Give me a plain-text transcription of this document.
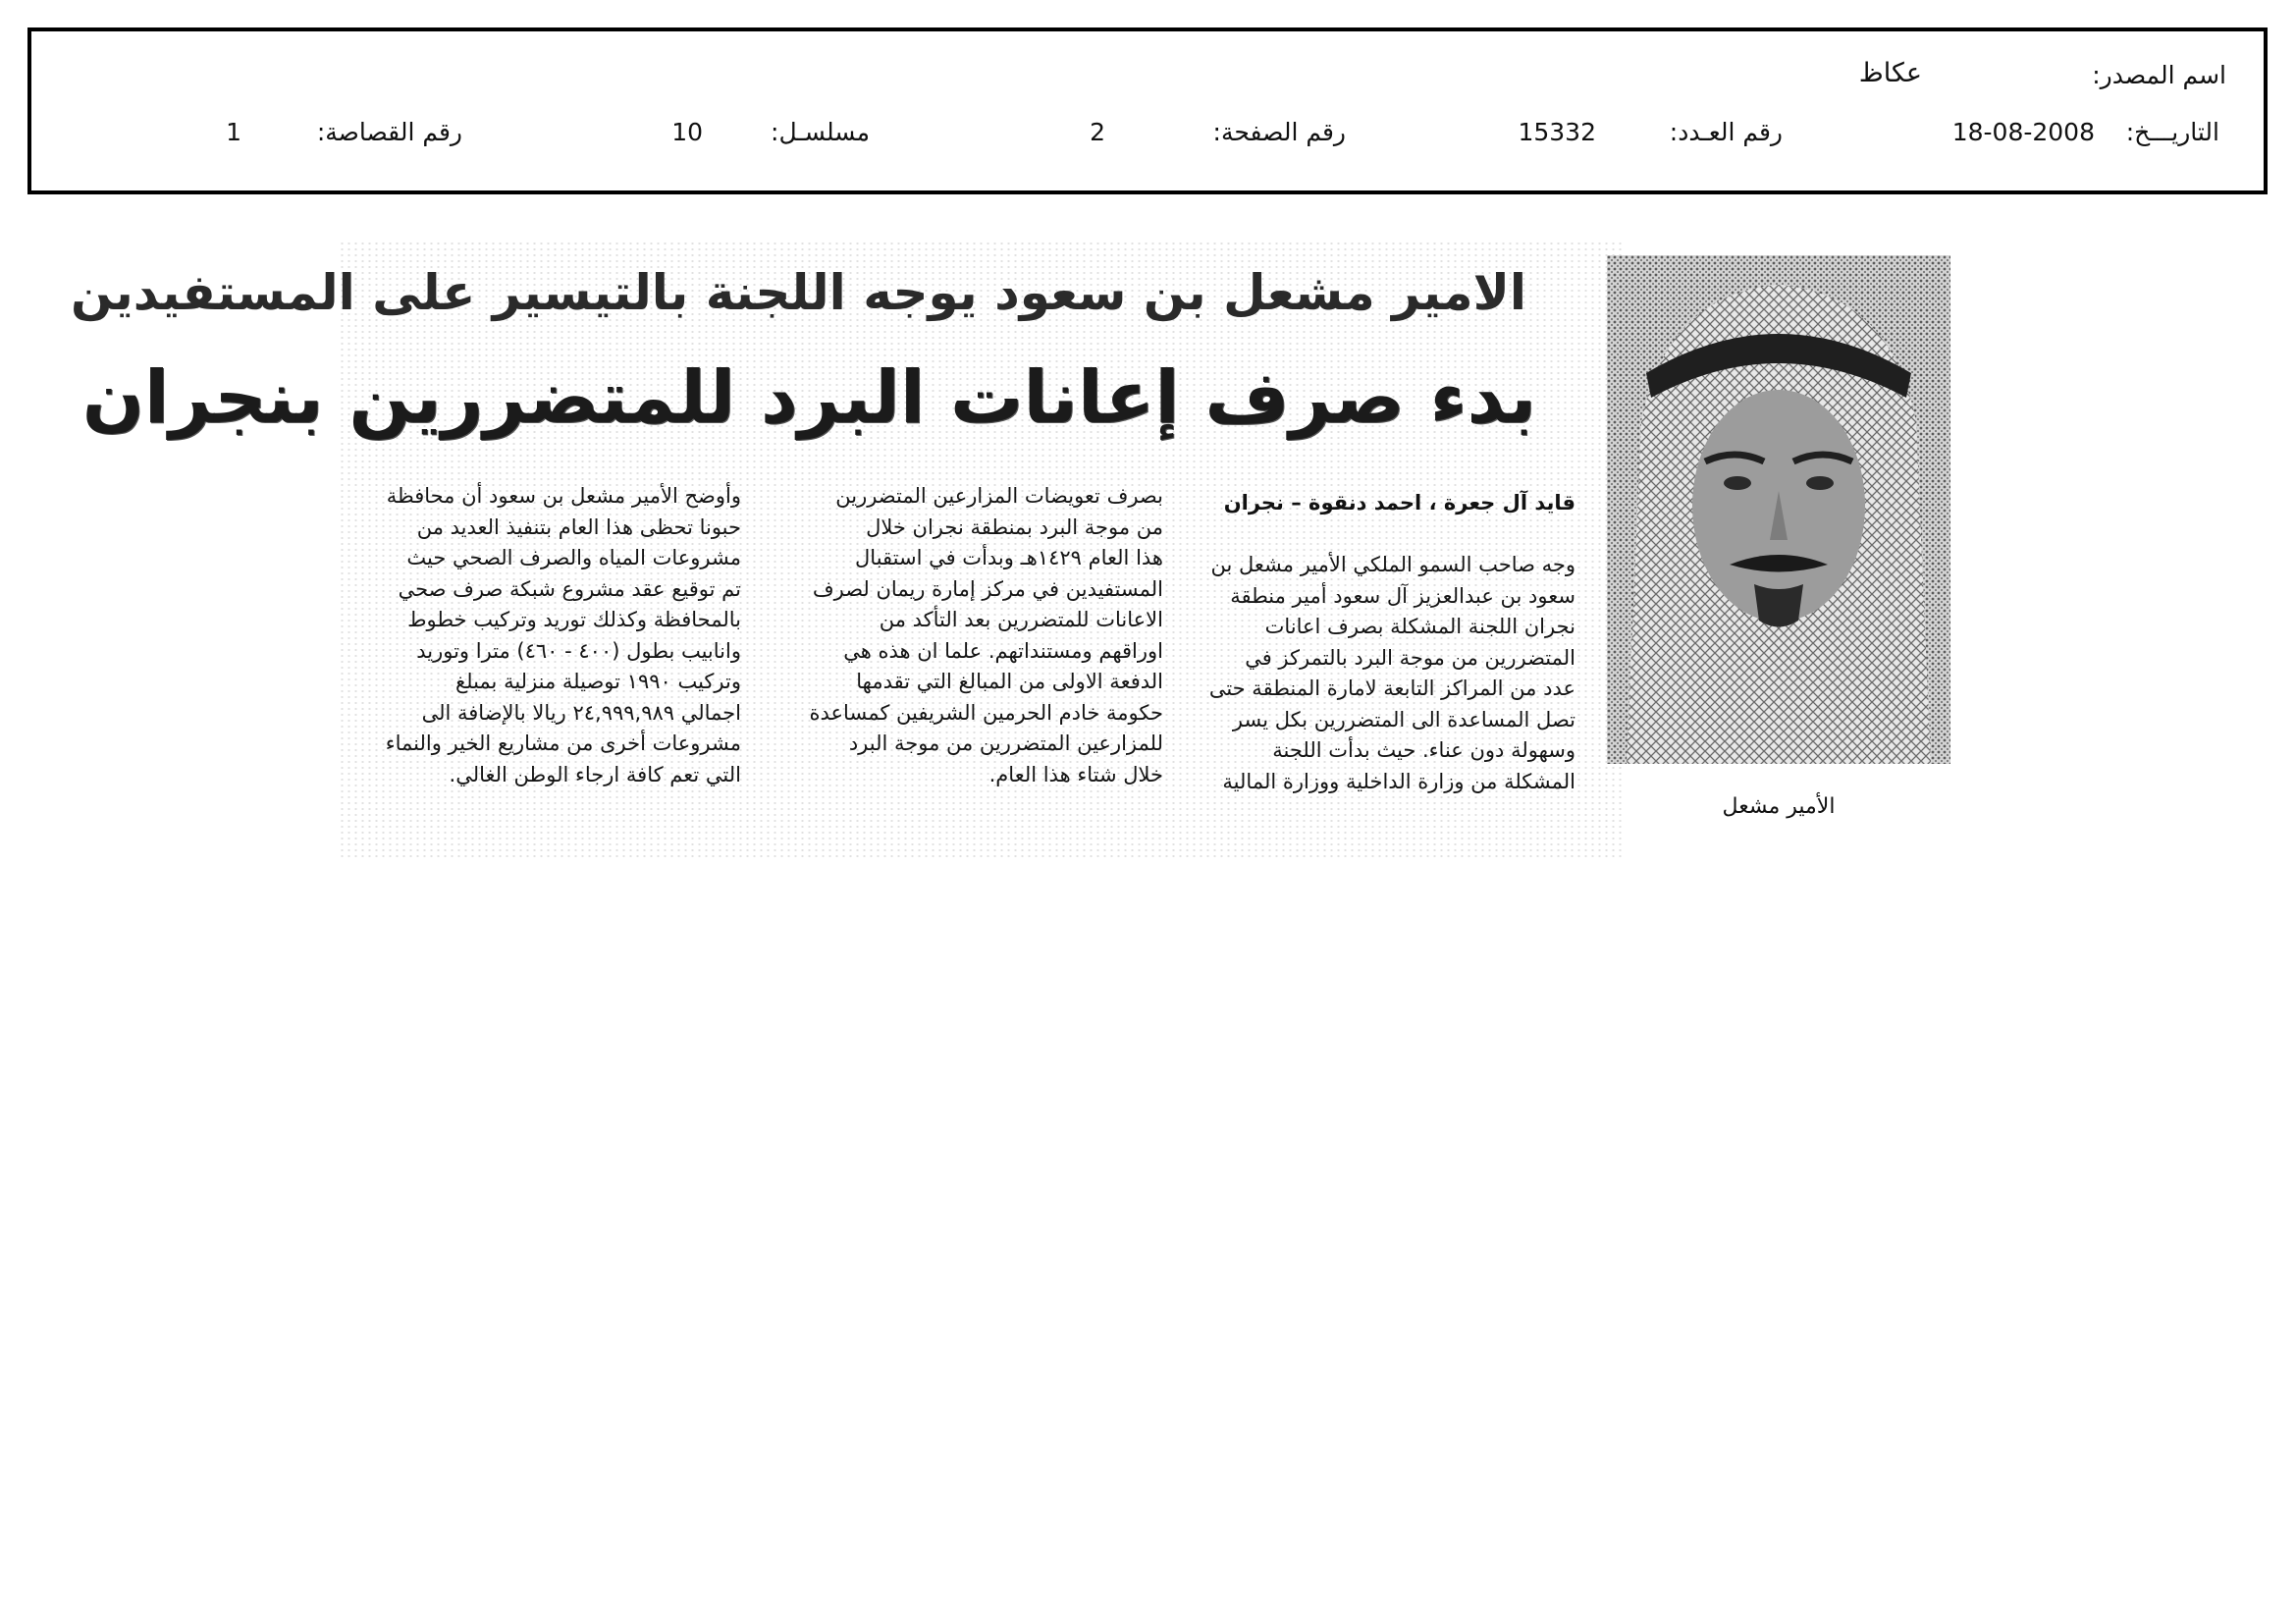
اسم المصدر:
عكاظ
التاريـــخ:
18-08-2008
رقم العـدد:
15332
رقم الصفحة:
2
مسلسـل:
10
رقم القصاصة:
1
الامير مشعل بن سعود يوجه اللجنة بالتيسير على المستفيدين
بدء صرف إعانات البرد للمتضررين بنجران
قايد آل جعرة ، احمد دنقوة – نجران
وجه صاحب السمو الملكي الأمير مشعل بن
سعود بن عبدالعزيز آل سعود أمير منطقة
نجران اللجنة المشكلة بصرف اعانات
المتضررين من موجة البرد بالتمركز في
عدد من المراكز التابعة لامارة المنطقة حتى
تصل المساعدة الى المتضررين بكل يسر
وسهولة دون عناء. حيث بدأت اللجنة
المشكلة من وزارة الداخلية ووزارة المالية
بصرف تعويضات المزارعين المتضررين
من موجة البرد بمنطقة نجران خلال
هذا العام ١٤٢٩هـ وبدأت في استقبال
المستفيدين في مركز إمارة ريمان لصرف
الاعانات للمتضررين بعد التأكد من
اوراقهم ومستنداتهم. علما ان هذه هي
الدفعة الاولى من المبالغ التي تقدمها
حكومة خادم الحرمين الشريفين كمساعدة
للمزارعين المتضررين من موجة البرد
خلال شتاء هذا العام.
وأوضح الأمير مشعل بن سعود أن محافظة
حبونا تحظى هذا العام بتنفيذ العديد من
مشروعات المياه والصرف الصحي حيث
تم توقيع عقد مشروع شبكة صرف صحي
بالمحافظة وكذلك توريد وتركيب خطوط
وانابيب بطول (٤٠٠ - ٤٦٠) مترا وتوريد
وتركيب ١٩٩٠ توصيلة منزلية بمبلغ
اجمالي ٢٤,٩٩٩,٩٨٩ ريالا بالإضافة الى
مشروعات أخرى من مشاريع الخير والنماء
التي تعم كافة ارجاء الوطن الغالي.
الأمير مشعل
